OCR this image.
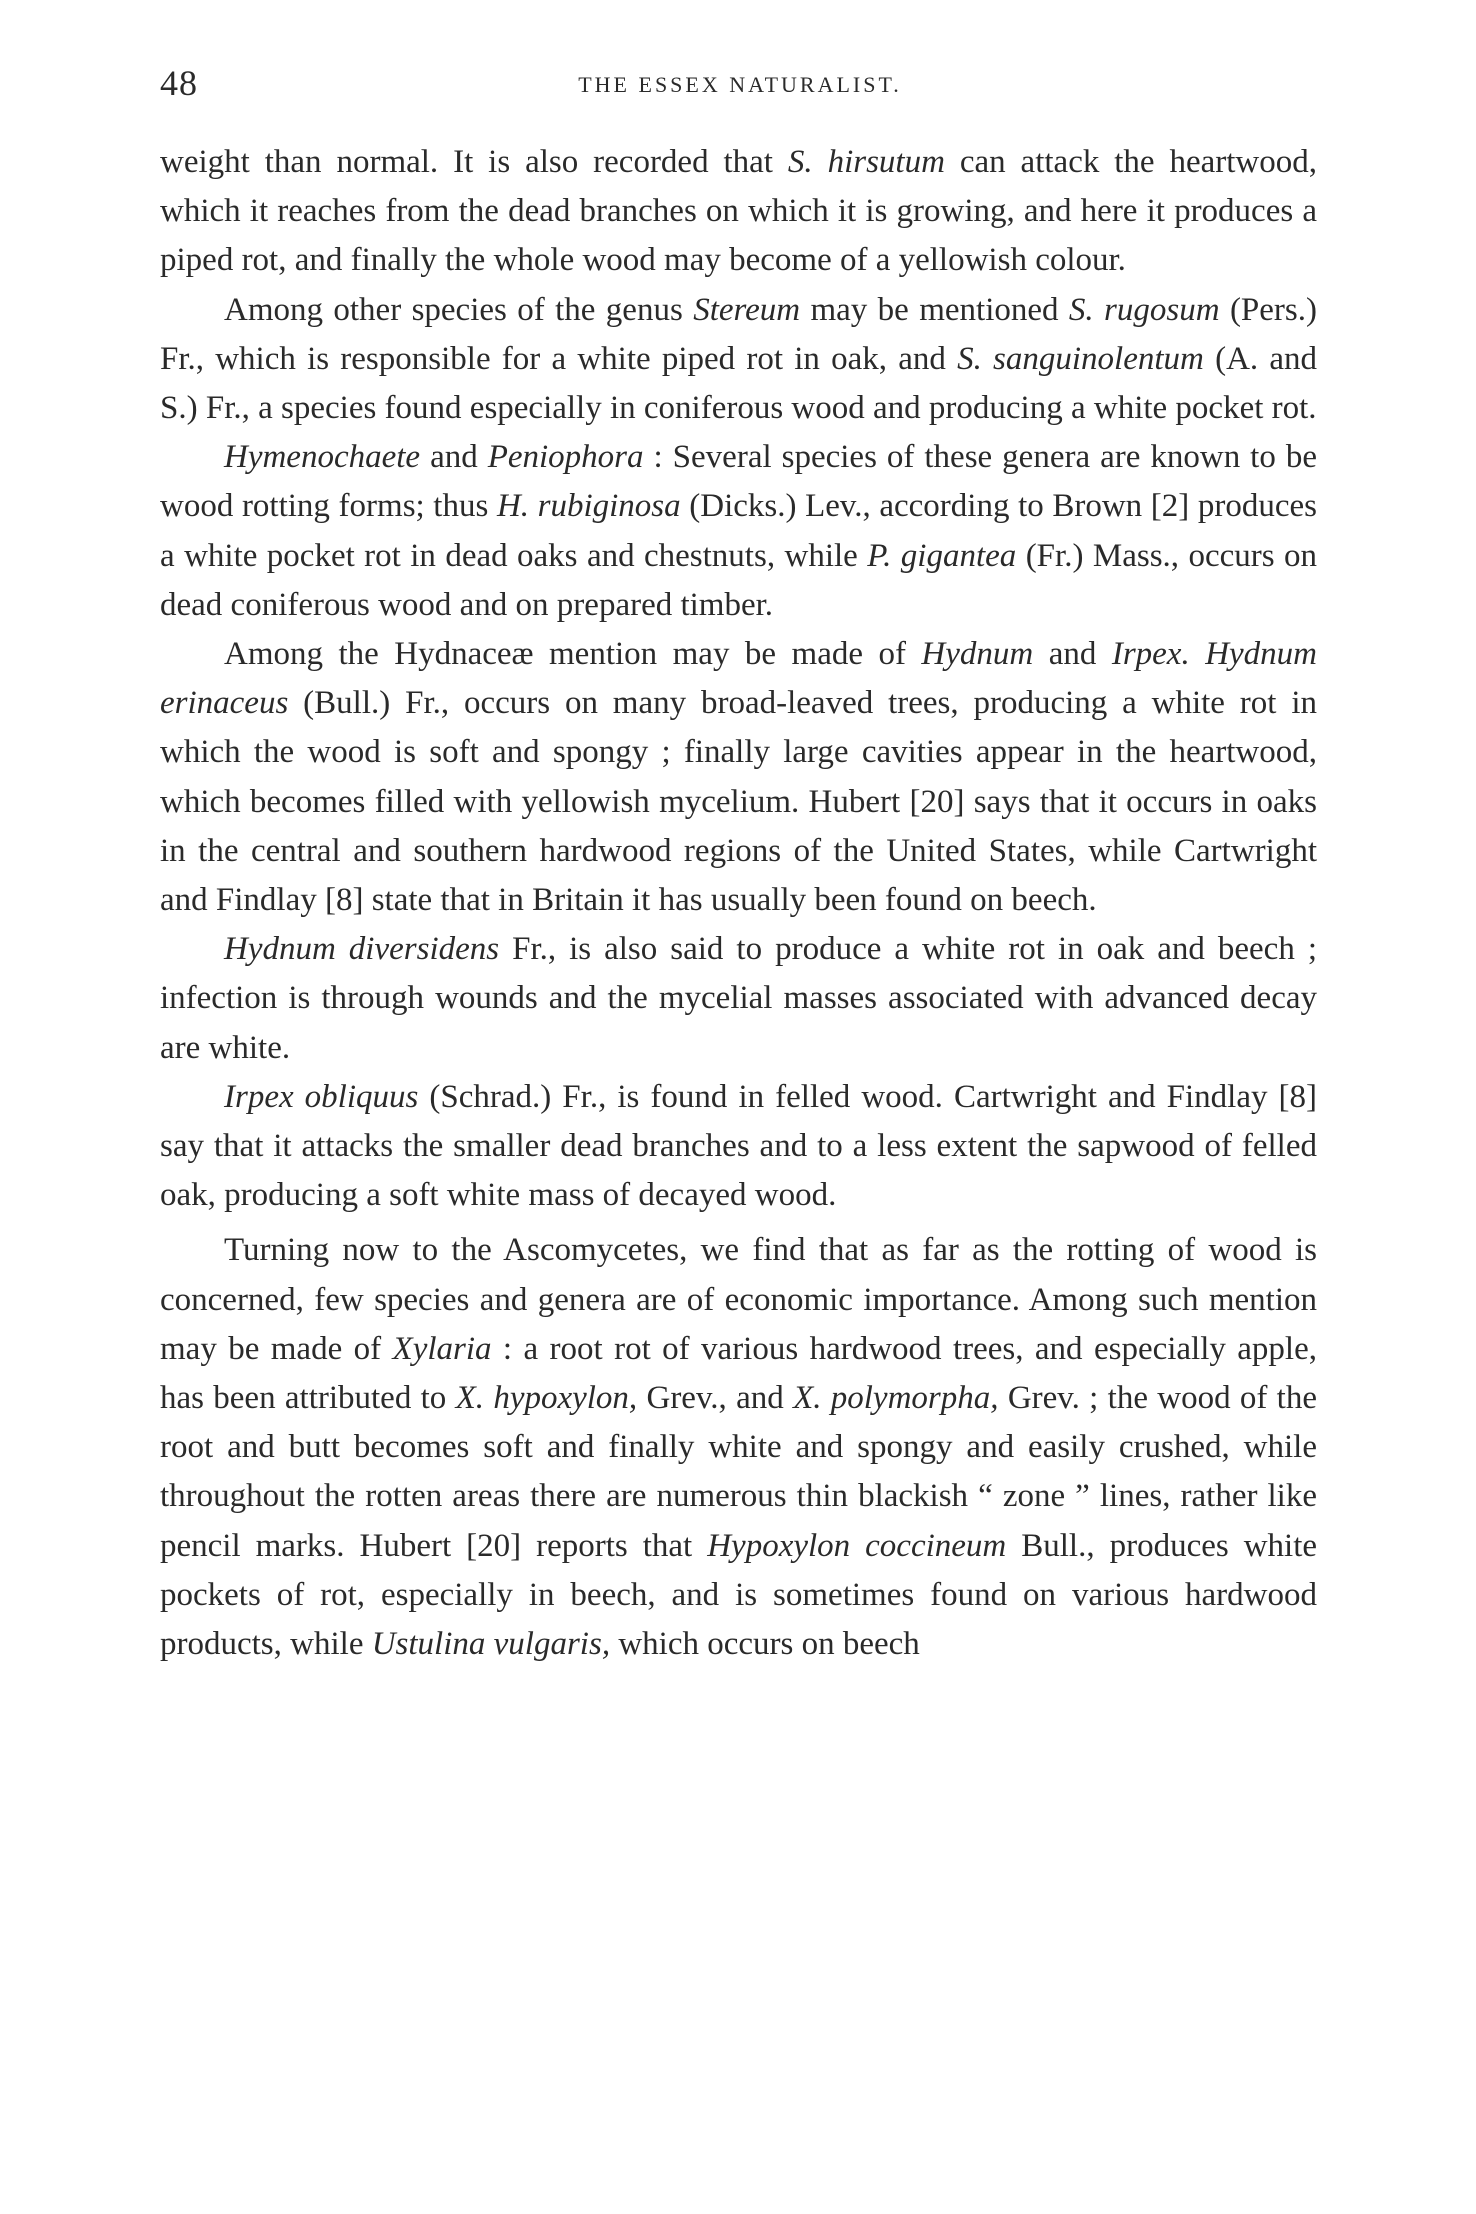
48	THE ESSEX NATURALIST.

weight than normal. It is also recorded that S. hirsutum can attack the heartwood, which it reaches from the dead branches on which it is growing, and here it produces a piped rot, and finally the whole wood may become of a yellowish colour.

Among other species of the genus Stereum may be mentioned S. rugosum (Pers.) Fr., which is responsible for a white piped rot in oak, and S. sanguinolentum (A. and S.) Fr., a species found especially in coniferous wood and producing a white pocket rot.

Hymenochaete and Peniophora : Several species of these genera are known to be wood rotting forms; thus H. rubiginosa (Dicks.) Lev., according to Brown [2] produces a white pocket rot in dead oaks and chestnuts, while P. gigantea (Fr.) Mass., occurs on dead coniferous wood and on prepared timber.

Among the Hydnaceæ mention may be made of Hydnum and Irpex. Hydnum erinaceus (Bull.) Fr., occurs on many broad-leaved trees, producing a white rot in which the wood is soft and spongy ; finally large cavities appear in the heartwood, which becomes filled with yellowish mycelium. Hubert [20] says that it occurs in oaks in the central and southern hardwood regions of the United States, while Cartwright and Findlay [8] state that in Britain it has usually been found on beech.

Hydnum diversidens Fr., is also said to produce a white rot in oak and beech ; infection is through wounds and the mycelial masses associated with advanced decay are white.

Irpex obliquus (Schrad.) Fr., is found in felled wood. Cartwright and Findlay [8] say that it attacks the smaller dead branches and to a less extent the sapwood of felled oak, producing a soft white mass of decayed wood.

Turning now to the Ascomycetes, we find that as far as the rotting of wood is concerned, few species and genera are of economic importance. Among such mention may be made of Xylaria : a root rot of various hardwood trees, and especially apple, has been attributed to X. hypoxylon, Grev., and X. polymorpha, Grev. ; the wood of the root and butt becomes soft and finally white and spongy and easily crushed, while throughout the rotten areas there are numerous thin blackish “ zone ” lines, rather like pencil marks. Hubert [20] reports that Hypoxylon coccineum Bull., produces white pockets of rot, especially in beech, and is sometimes found on various hardwood products, while Ustulina vulgaris, which occurs on beech
